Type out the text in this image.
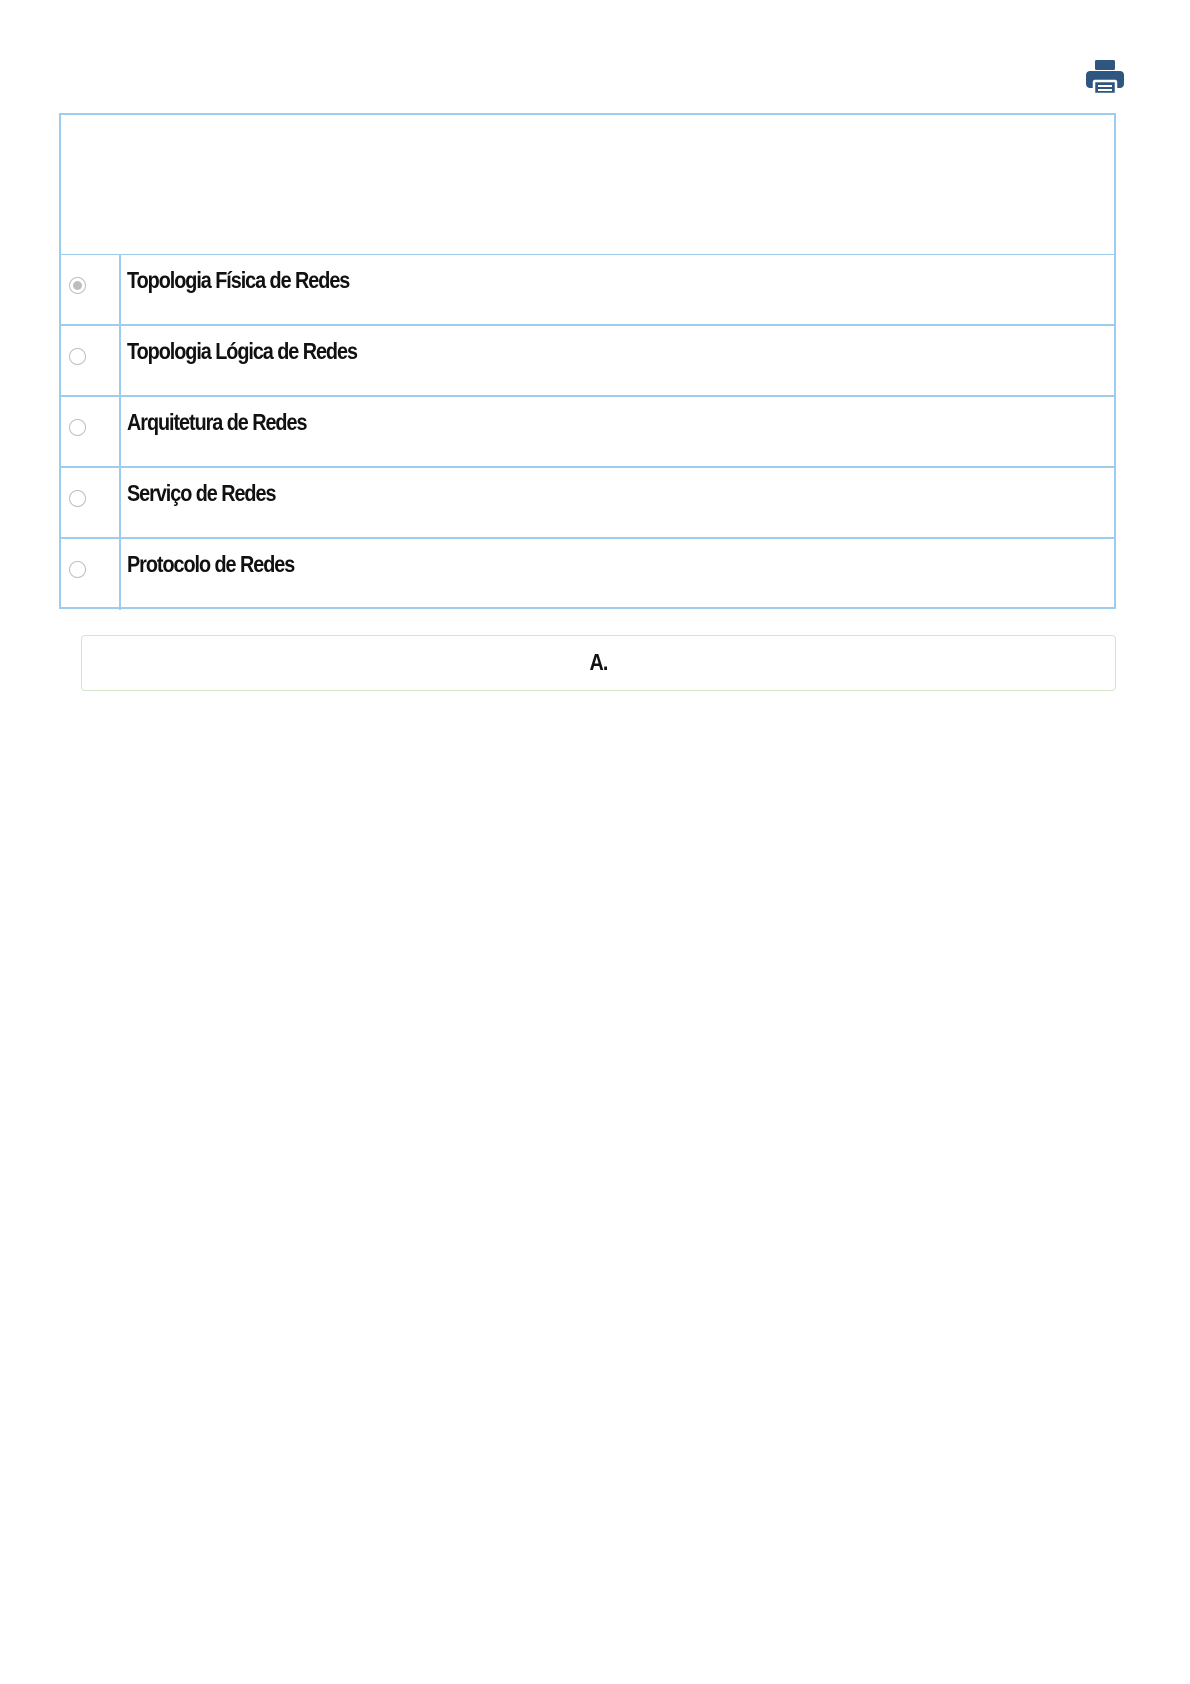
Topologia Física de Redes
Topologia Lógica de Redes
Arquitetura de Redes
Serviço de Redes
Protocolo de Redes
A.
